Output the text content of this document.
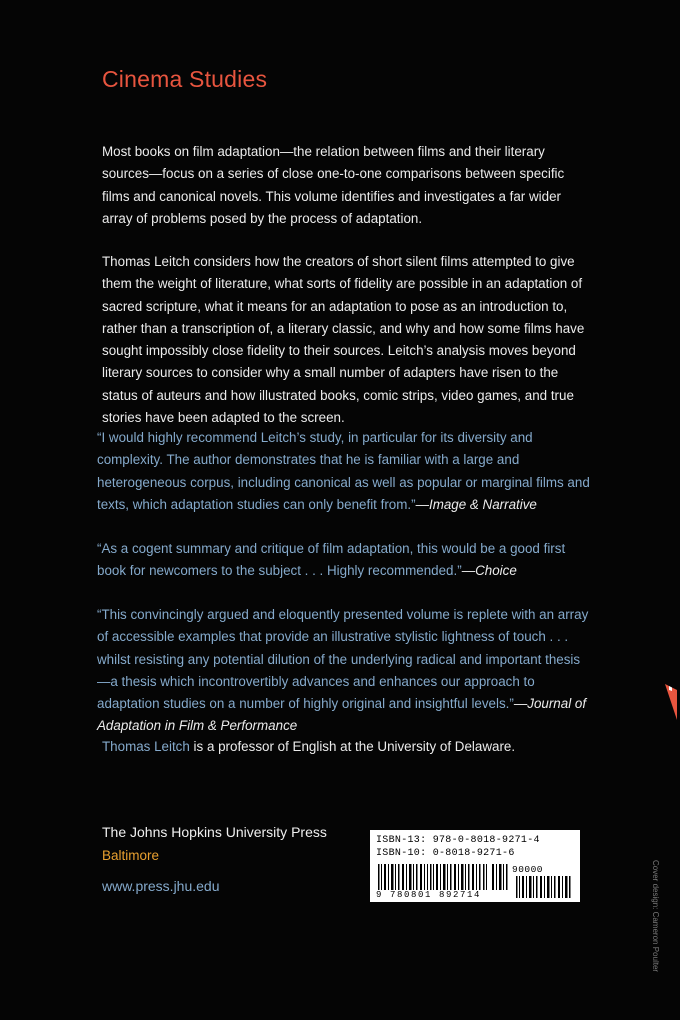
Cinema Studies

Most books on film adaptation—the relation between films and their literary sources—focus on a series of close one-to-one comparisons between specific films and canonical novels. This volume identifies and investigates a far wider array of problems posed by the process of adaptation.

Thomas Leitch considers how the creators of short silent films attempted to give them the weight of literature, what sorts of fidelity are possible in an adaptation of sacred scripture, what it means for an adaptation to pose as an introduction to, rather than a transcription of, a literary classic, and why and how some films have sought impossibly close fidelity to their sources. Leitch’s analysis moves beyond literary sources to consider why a small number of adapters have risen to the status of auteurs and how illustrated books, comic strips, video games, and true stories have been adapted to the screen.

“I would highly recommend Leitch’s study, in particular for its diversity and complexity. The author demonstrates that he is familiar with a large and heterogeneous corpus, including canonical as well as popular or marginal films and texts, which adaptation studies can only benefit from.”—Image & Narrative

“As a cogent summary and critique of film adaptation, this would be a good first book for newcomers to the subject . . . Highly recommended.”—Choice

“This convincingly argued and eloquently presented volume is replete with an array of accessible examples that provide an illustrative stylistic lightness of touch . . . whilst resisting any potential dilution of the underlying radical and important thesis—a thesis which incontrovertibly advances and enhances our approach to adaptation studies on a number of highly original and insightful levels.”—Journal of Adaptation in Film & Performance

Thomas Leitch is a professor of English at the University of Delaware.

The Johns Hopkins University Press
Baltimore
www.press.jhu.edu
ISBN-13: 978-0-8018-9271-4
ISBN-10: 0-8018-9271-6
90000
9 780801 892714	Cover design: Cameron Poulter
